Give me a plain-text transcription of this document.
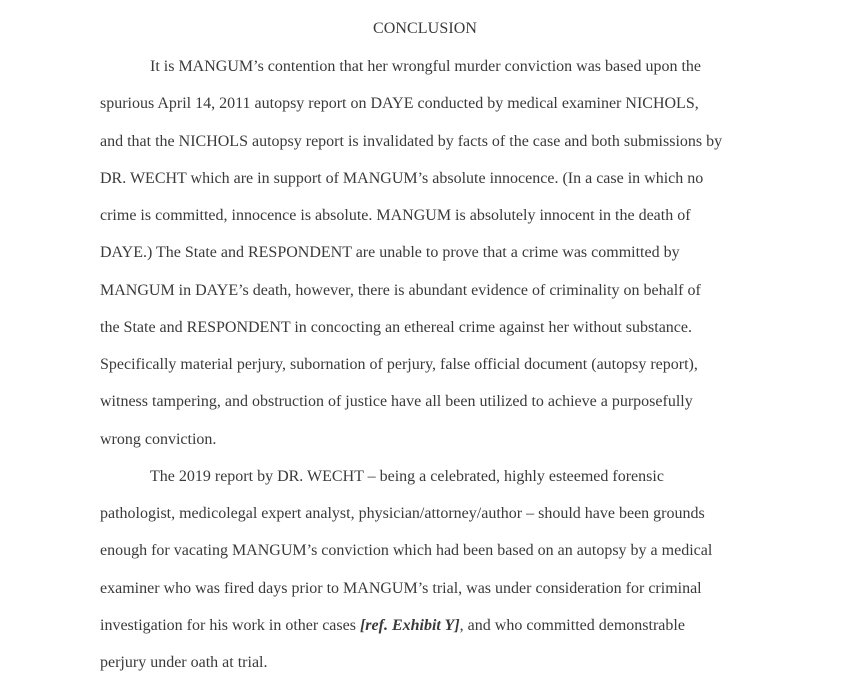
CONCLUSION
It is MANGUM’s contention that her wrongful murder conviction was based upon the
spurious April 14, 2011 autopsy report on DAYE conducted by medical examiner NICHOLS,
and that the NICHOLS autopsy report is invalidated by facts of the case and both submissions by
DR. WECHT which are in support of MANGUM’s absolute innocence. (In a case in which no
crime is committed, innocence is absolute. MANGUM is absolutely innocent in the death of
DAYE.) The State and RESPONDENT are unable to prove that a crime was committed by
MANGUM in DAYE’s death, however, there is abundant evidence of criminality on behalf of
the State and RESPONDENT in concocting an ethereal crime against her without substance.
Specifically material perjury, subornation of perjury, false official document (autopsy report),
witness tampering, and obstruction of justice have all been utilized to achieve a purposefully
wrong conviction.
The 2019 report by DR. WECHT – being a celebrated, highly esteemed forensic
pathologist, medicolegal expert analyst, physician/attorney/author – should have been grounds
enough for vacating MANGUM’s conviction which had been based on an autopsy by a medical
examiner who was fired days prior to MANGUM’s trial, was under consideration for criminal
investigation for his work in other cases [ref. Exhibit Y], and who committed demonstrable
perjury under oath at trial.
